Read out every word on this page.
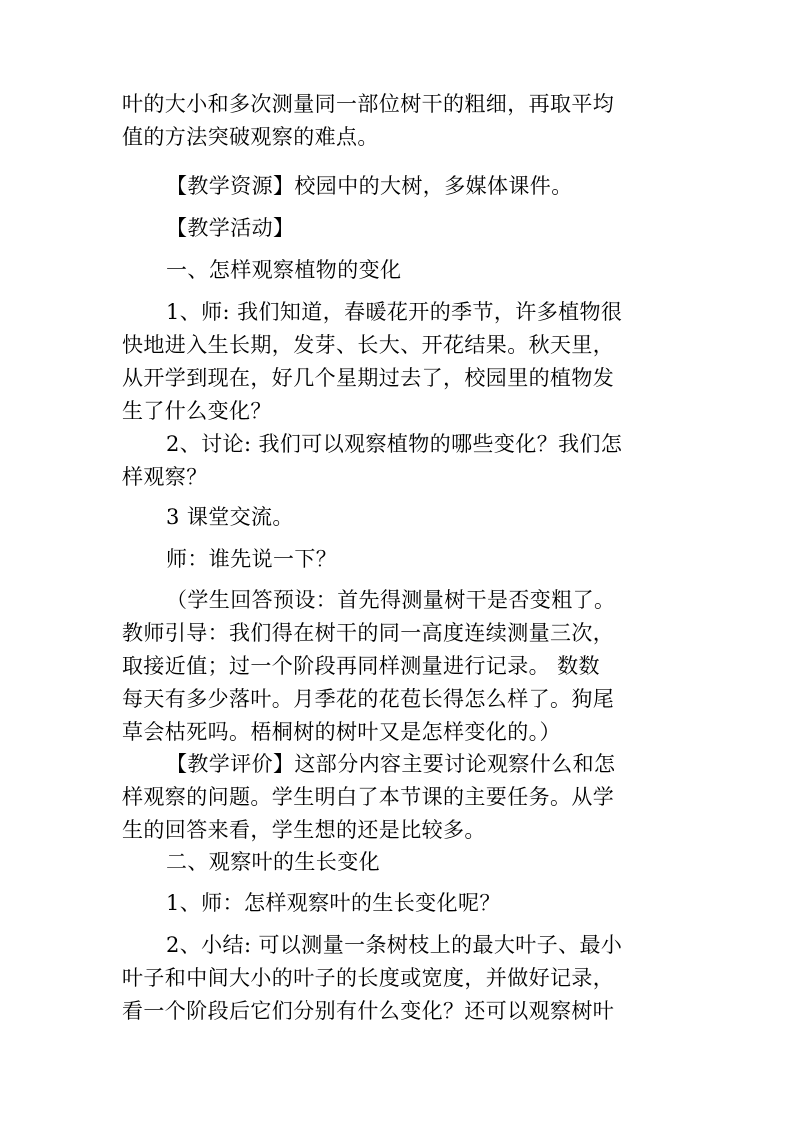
叶的大小和多次测量同一部位树干的粗细，再取平均
值的方法突破观察的难点。

【教学资源】校园中的大树，多媒体课件。

【教学活动】

一、怎样观察植物的变化

1、师: 我们知道，春暖花开的季节，许多植物很
快地进入生长期，发芽、长大、开花结果。秋天里，
从开学到现在，好几个星期过去了，校园里的植物发
生了什么变化？

2、讨论: 我们可以观察植物的哪些变化？我们怎
样观察？

3 课堂交流。

师：谁先说一下？

（学生回答预设：首先得测量树干是否变粗了。
教师引导：我们得在树干的同一高度连续测量三次，
取接近值；过一个阶段再同样测量进行记录。 数数
每天有多少落叶。月季花的花苞长得怎么样了。狗尾
草会枯死吗。梧桐树的树叶又是怎样变化的。）

【教学评价】这部分内容主要讨论观察什么和怎
样观察的问题。学生明白了本节课的主要任务。从学
生的回答来看，学生想的还是比较多。

二、观察叶的生长变化

1、师：怎样观察叶的生长变化呢？

2、小结: 可以测量一条树枝上的最大叶子、最小
叶子和中间大小的叶子的长度或宽度，并做好记录，
看一个阶段后它们分别有什么变化？还可以观察树叶
